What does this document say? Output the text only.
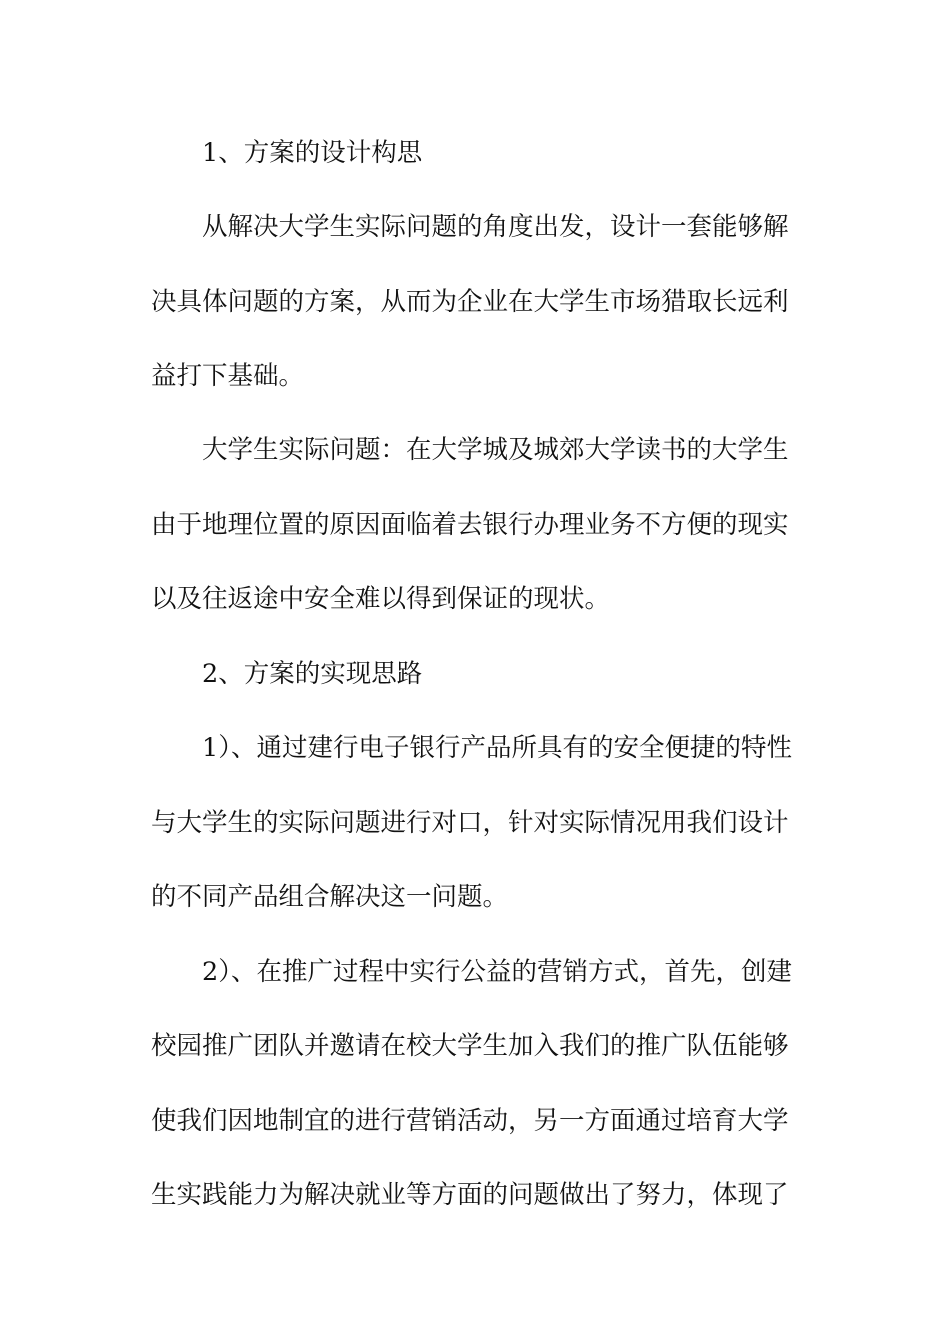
1、方案的设计构思
从解决大学生实际问题的角度出发，设计一套能够解
决具体问题的方案，从而为企业在大学生市场猎取长远利
益打下基础。
大学生实际问题：在大学城及城郊大学读书的大学生
由于地理位置的原因面临着去银行办理业务不方便的现实
以及往返途中安全难以得到保证的现状。
2、方案的实现思路
1）、通过建行电子银行产品所具有的安全便捷的特性
与大学生的实际问题进行对口，针对实际情况用我们设计
的不同产品组合解决这一问题。
2）、在推广过程中实行公益的营销方式，首先，创建
校园推广团队并邀请在校大学生加入我们的推广队伍能够
使我们因地制宜的进行营销活动，另一方面通过培育大学
生实践能力为解决就业等方面的问题做出了努力，体现了
